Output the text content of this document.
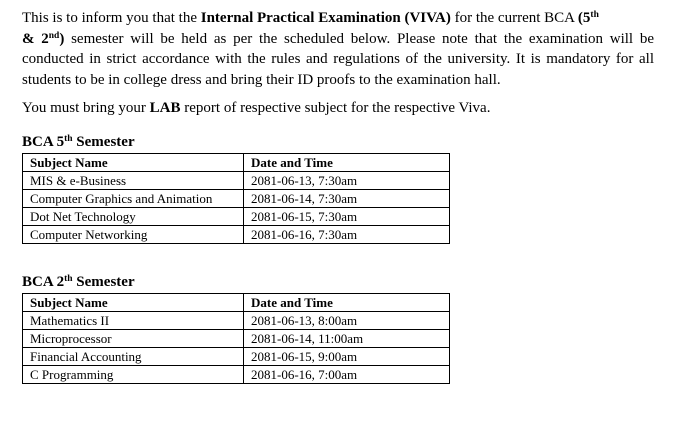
This is to inform you that the Internal Practical Examination (VIVA) for the current BCA (5th
& 2nd) semester will be held as per the scheduled below. Please note that the examination will be conducted in strict accordance with the rules and regulations of the university. It is mandatory for all students to be in college dress and bring their ID proofs to the examination hall.

You must bring your LAB report of respective subject for the respective Viva.

BCA 5th Semester

Subject Name	Date and Time
MIS & e-Business	2081-06-13, 7:30am
Computer Graphics and Animation	2081-06-14, 7:30am
Dot Net Technology	2081-06-15, 7:30am
Computer Networking	2081-06-16, 7:30am

BCA 2th Semester

Subject Name	Date and Time
Mathematics II	2081-06-13, 8:00am
Microprocessor	2081-06-14, 11:00am
Financial Accounting	2081-06-15, 9:00am
C Programming	2081-06-16, 7:00am
